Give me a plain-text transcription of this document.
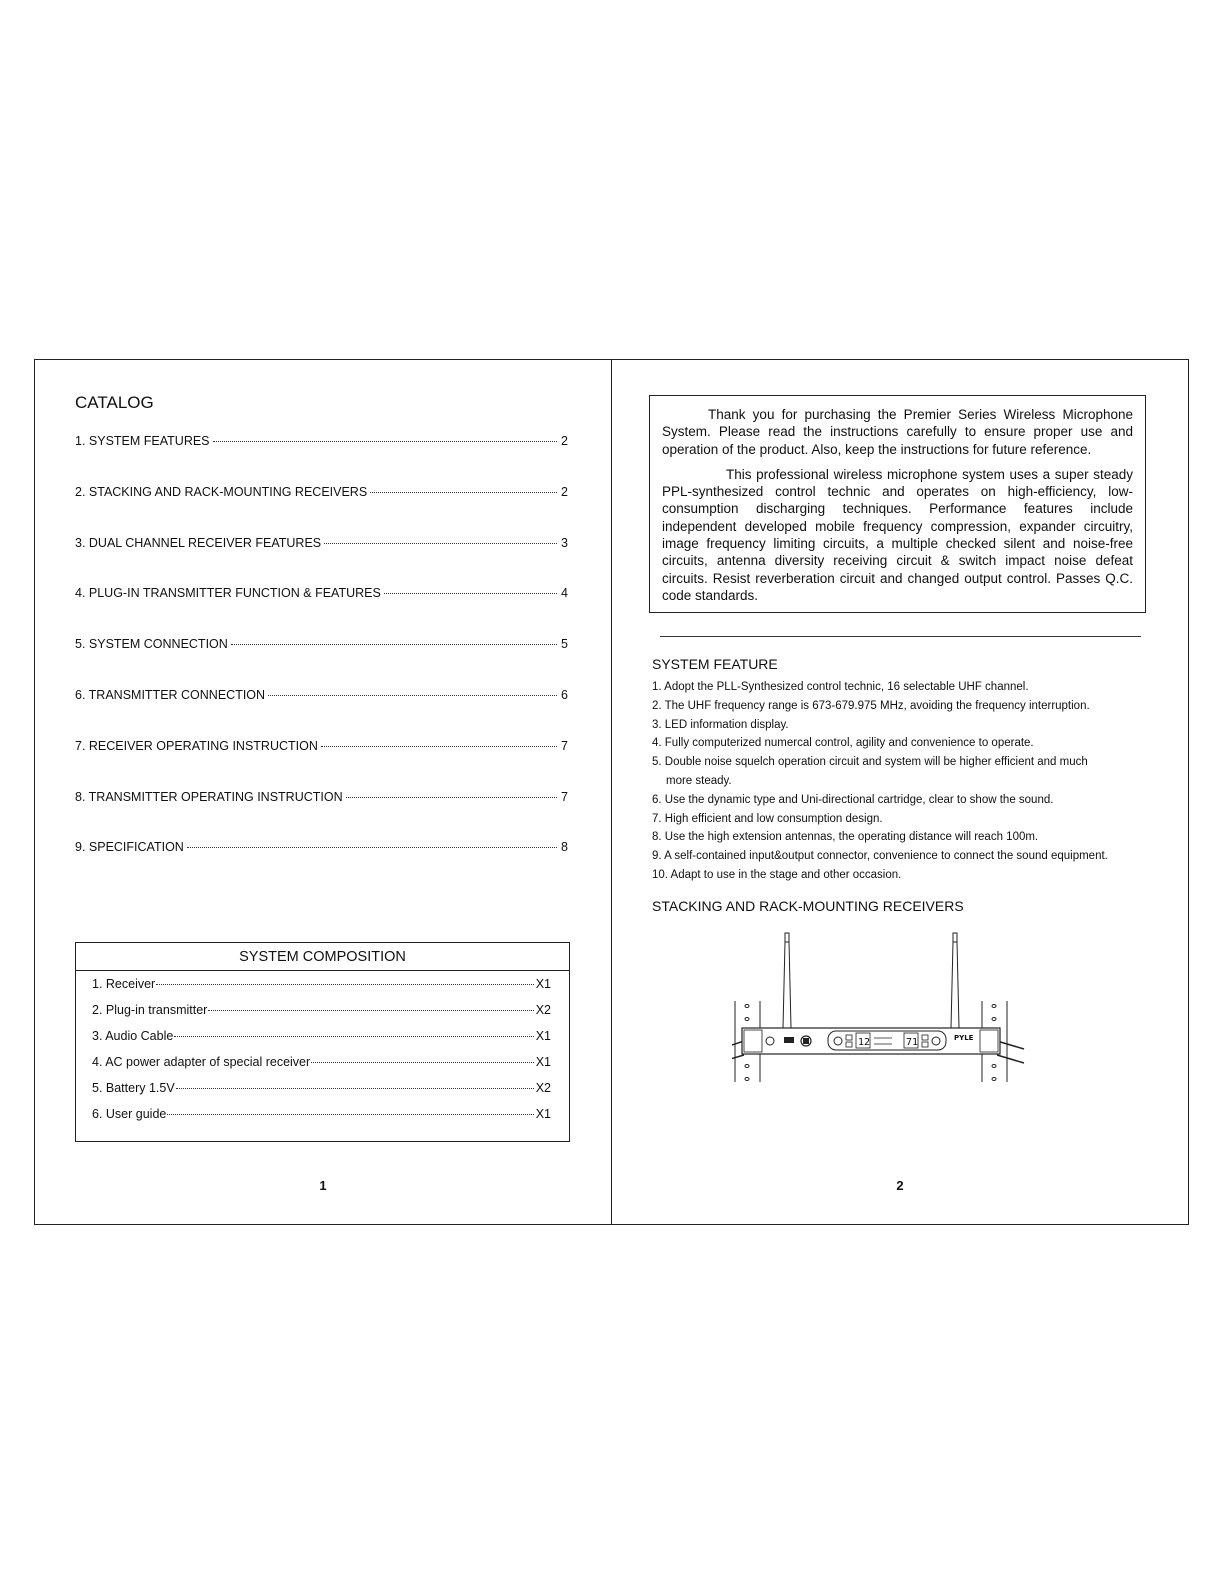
CATALOG
1. SYSTEM FEATURES	2
2. STACKING AND RACK-MOUNTING RECEIVERS	2
3. DUAL CHANNEL RECEIVER FEATURES	3
4. PLUG-IN TRANSMITTER FUNCTION & FEATURES	4
5. SYSTEM CONNECTION	5
6. TRANSMITTER CONNECTION	6
7. RECEIVER OPERATING INSTRUCTION	7
8. TRANSMITTER OPERATING INSTRUCTION	7
9. SPECIFICATION	8
SYSTEM COMPOSITION
1. Receiver	X1
2. Plug-in transmitter	X2
3. Audio Cable	X1
4. AC power adapter of special receiver	X1
5. Battery 1.5V	X2
6. User guide	X1
1

Thank you for purchasing the Premier Series Wireless Microphone System. Please read the instructions carefully to ensure proper use and operation of the product. Also, keep the instructions for future reference.

This professional wireless microphone system uses a super steady PPL-synthesized control technic and operates on high-efficiency, low-consumption discharging techniques. Performance features include independent developed mobile frequency compression, expander circuitry, image frequency limiting circuits, a multiple checked silent and noise-free circuits, antenna diversity receiving circuit & switch impact noise defeat circuits. Resist reverberation circuit and changed output control. Passes Q.C. code standards.

SYSTEM FEATURE
1. Adopt the PLL-Synthesized control technic, 16 selectable UHF channel.
2. The UHF frequency range is 673-679.975 MHz, avoiding the frequency interruption.
3. LED information display.
4. Fully computerized numercal control, agility and convenience to operate.
5. Double noise squelch operation circuit and system will be higher efficient and much
more steady.
6. Use the dynamic type and Uni-directional cartridge, clear to show the sound.
7. High efficient and low consumption design.
8. Use the high extension antennas, the operating distance will reach 100m.
9. A self-contained input&output connector, convenience to connect the sound equipment.
10. Adapt to use in the stage and other occasion.
STACKING AND RACK-MOUNTING RECEIVERS
12	71	PYLE
2
